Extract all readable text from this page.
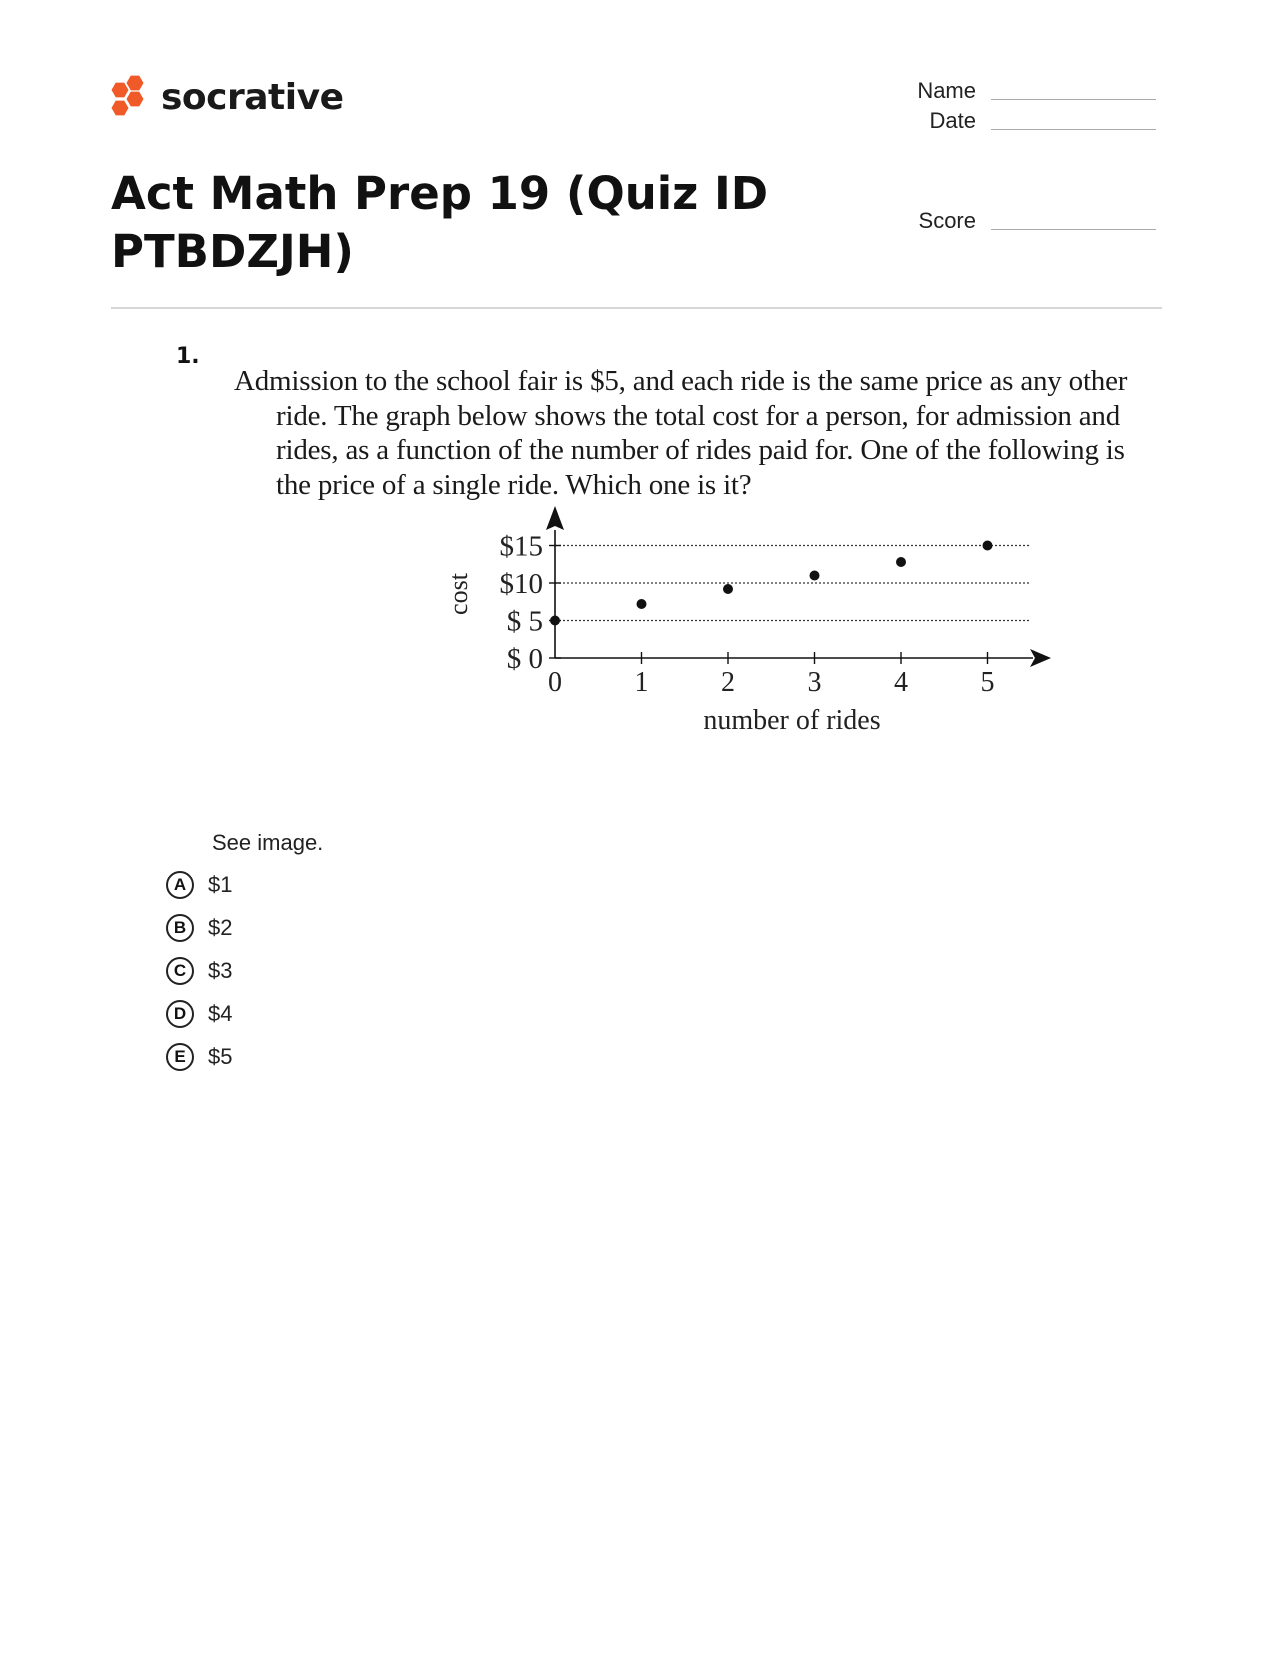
socrative	Name
Date
Score
Act Math Prep 19 (Quiz ID PTBDZJH)
1.
Admission to the school fair is $5, and each ride is the same price as any other ride. The graph below shows the total cost for a person, for admission and rides, as a function of the number of rides paid for. One of the following is the price of a single ride. Which one is it?
0	1	2	3	4	5
$ 0
$ 5
$10
$15
number of rides
cost
See image.
A $1
B $2
C $3
D $4
E	$5
